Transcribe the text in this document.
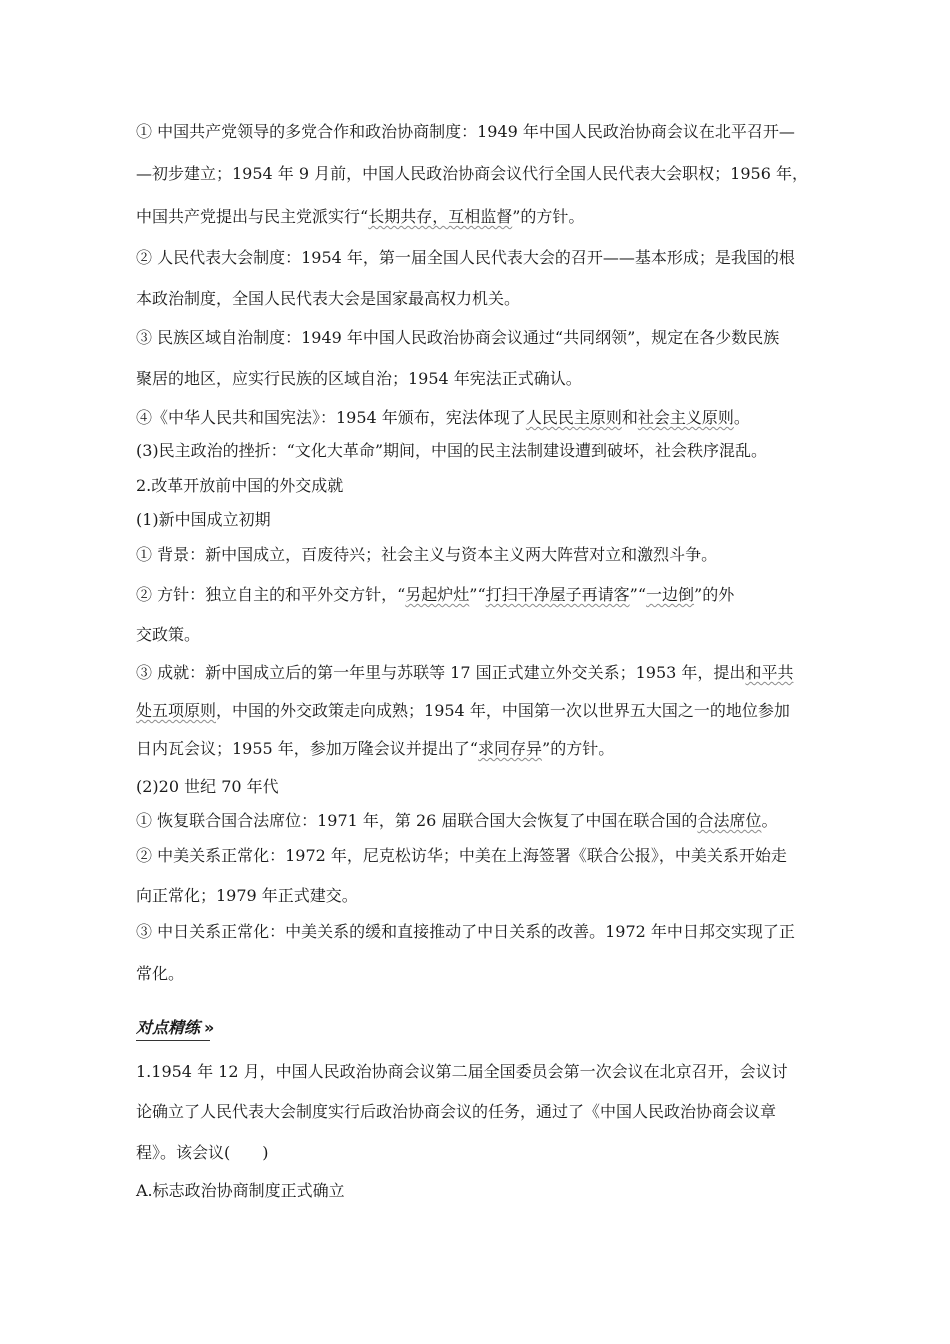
① 中国共产党领导的多党合作和政治协商制度：1949 年中国人民政治协商会议在北平召开—
—初步建立；1954 年 9 月前，中国人民政治协商会议代行全国人民代表大会职权；1956 年，
中国共产党提出与民主党派实行“长期共存，互相监督”的方针。
② 人民代表大会制度：1954 年，第一届全国人民代表大会的召开——基本形成；是我国的根
本政治制度，全国人民代表大会是国家最高权力机关。
③ 民族区域自治制度：1949 年中国人民政治协商会议通过“共同纲领”，规定在各少数民族
聚居的地区，应实行民族的区域自治；1954 年宪法正式确认。
④《中华人民共和国宪法》：1954 年颁布，宪法体现了人民民主原则和社会主义原则。
(3)民主政治的挫折：“文化大革命”期间，中国的民主法制建设遭到破坏，社会秩序混乱。
2.改革开放前中国的外交成就
(1)新中国成立初期
① 背景：新中国成立，百废待兴；社会主义与资本主义两大阵营对立和激烈斗争。
② 方针：独立自主的和平外交方针，“另起炉灶”“打扫干净屋子再请客”“一边倒”的外
交政策。
③ 成就：新中国成立后的第一年里与苏联等 17 国正式建立外交关系；1953 年，提出和平共
处五项原则，中国的外交政策走向成熟；1954 年，中国第一次以世界五大国之一的地位参加
日内瓦会议；1955 年，参加万隆会议并提出了“求同存异”的方针。
(2)20 世纪 70 年代
① 恢复联合国合法席位：1971 年，第 26 届联合国大会恢复了中国在联合国的合法席位。
② 中美关系正常化：1972 年，尼克松访华；中美在上海签署《联合公报》，中美关系开始走
向正常化；1979 年正式建交。
③ 中日关系正常化：中美关系的缓和直接推动了中日关系的改善。1972 年中日邦交实现了正
常化。
对点精练 »
1.1954 年 12 月，中国人民政治协商会议第二届全国委员会第一次会议在北京召开，会议讨
论确立了人民代表大会制度实行后政治协商会议的任务，通过了《中国人民政治协商会议章
程》。该会议(　　)
A.标志政治协商制度正式确立
